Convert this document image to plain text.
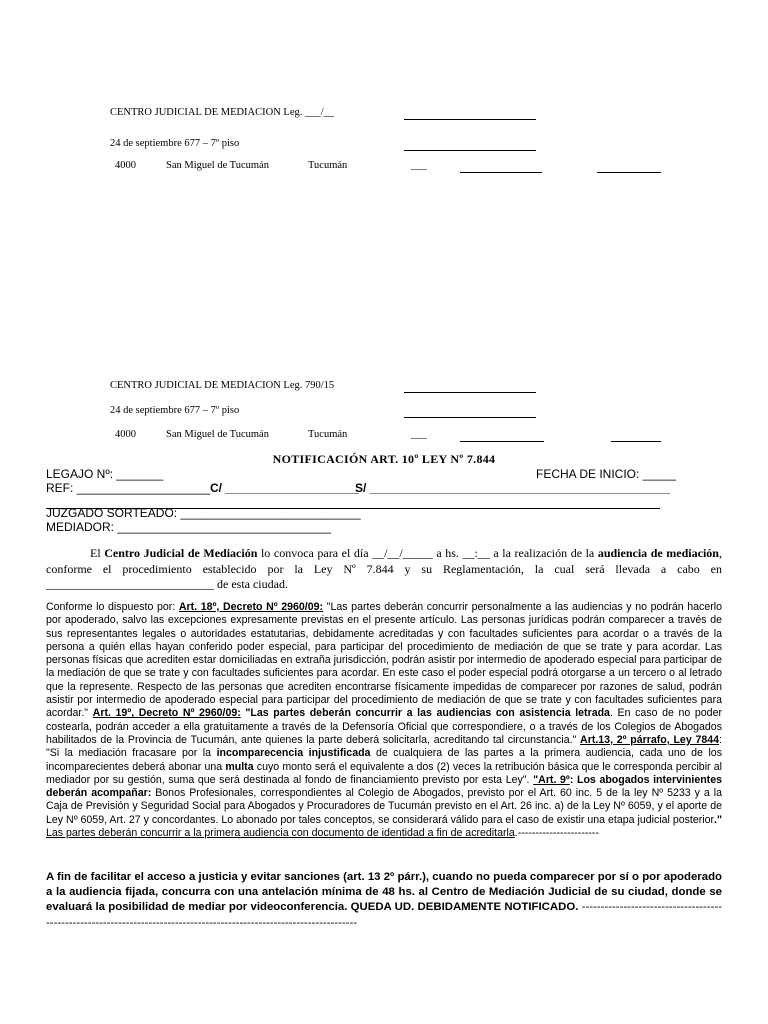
CENTRO JUDICIAL DE MEDIACION Leg. ___/__
24 de septiembre 677 – 7º piso
4000	San Miguel de Tucumán	Tucumán	___
CENTRO JUDICIAL DE MEDIACION Leg. 790/15
24 de septiembre 677 – 7º piso
4000	San Miguel de Tucumán	Tucumán	___
NOTIFICACIÓN ART. 10º LEY Nº 7.844
LEGAJO Nº: _______	FECHA DE INICIO: _____
REF: ____________________ C/ ____________________
S/ _____________________________________________
JUZGADO SORTEADO: ___________________________
MEDIADOR: ________________________________
El Centro Judicial de Mediación lo convoca para el día __/__/_____ a hs. __:__ a la realización de la audiencia de mediación, conforme el procedimiento establecido por la Ley Nº 7.844 y su Reglamentación, la cual será llevada a cabo en ____________________________ de esta ciudad.
Conforme lo dispuesto por: Art. 18º, Decreto Nº 2960/09: "Las partes deberán concurrir personalmente a las audiencias y no podrán hacerlo por apoderado, salvo las excepciones expresamente previstas en el presente artículo. Las personas jurídicas podrán comparecer a través de sus representantes legales o autoridades estatutarias, debidamente acreditadas y con facultades suficientes para acordar o a través de la persona a quién ellas hayan conferido poder especial, para participar del procedimiento de mediación de que se trate y para acordar. Las personas físicas que acrediten estar domiciliadas en extraña jurisdicción, podrán asistir por intermedio de apoderado especial para participar de la mediación de que se trate y con facultades suficientes para acordar. En este caso el poder especial podrá otorgarse a un tercero o al letrado que la represente. Respecto de las personas que acrediten encontrarse físicamente impedidas de comparecer por razones de salud, podrán asistir por intermedio de apoderado especial para participar del procedimiento de mediación de que se trate y con facultades suficientes para acordar." Art. 19º, Decreto Nº 2960/09: "Las partes deberán concurrir a las audiencias con asistencia letrada. En caso de no poder costearla, podrán acceder a ella gratuitamente a través de la Defensoría Oficial que correspondiere, o a través de los Colegios de Abogados habilitados de la Provincia de Tucumán, ante quienes la parte deberá solicitarla, acreditando tal circunstancia." Art.13, 2º párrafo, Ley 7844: "Si la mediación fracasare por la incomparecencia injustificada de cualquiera de las partes a la primera audiencia, cada uno de los incomparecientes deberá abonar una multa cuyo monto será el equivalente a dos (2) veces la retribución básica que le corresponda percibir al mediador por su gestión, suma que será destinada al fondo de financiamiento previsto por esta Ley". "Art. 9º: Los abogados intervinientes deberán acompañar: Bonos Profesionales, correspondientes al Colegio de Abogados, previsto por el Art. 60 inc. 5 de la ley Nº 5233 y a la Caja de Previsión y Seguridad Social para Abogados y Procuradores de Tucumán previsto en el Art. 26 inc. a) de la Ley Nº 6059, y el aporte de Ley Nº 6059, Art. 27 y concordantes. Lo abonado por tales conceptos, se considerará válido para el caso de existir una etapa judicial posterior." Las partes deberán concurrir a la primera audiencia con documento de identidad a fin de acreditarla.-----------------------
A fin de facilitar el acceso a justicia y evitar sanciones (art. 13 2º párr.), cuando no pueda comparecer por sí o por apoderado a la audiencia fijada, concurra con una antelación mínima de 48 hs. al Centro de Mediación Judicial de su ciudad, donde se evaluará la posibilidad de mediar por videoconferencia. QUEDA UD. DEBIDAMENTE NOTIFICADO. -----------------------------------------------------------------------------------------------------------------------
